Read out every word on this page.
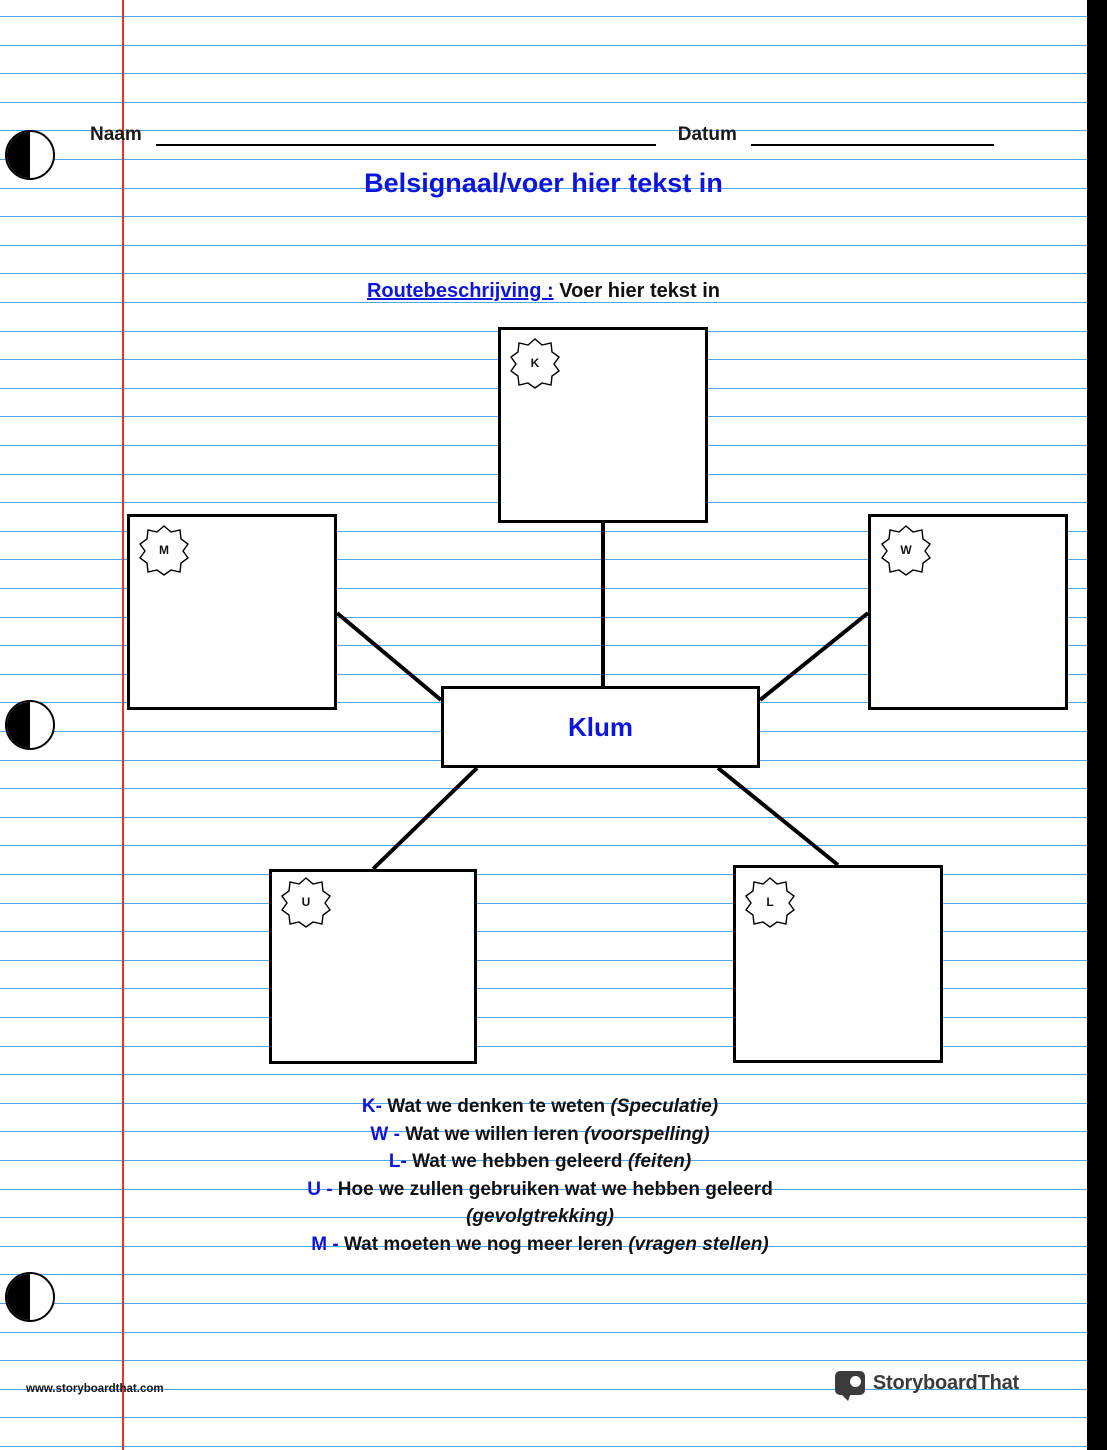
Naam	Datum
Belsignaal/voer hier tekst in
Routebeschrijving : Voer hier tekst in
Klum
K
M	W
U	L
K- Wat we denken te weten (Speculatie)
W - Wat we willen leren (voorspelling)
L- Wat we hebben geleerd (feiten)
U - Hoe we zullen gebruiken wat we hebben geleerd
(gevolgtrekking)
M - Wat moeten we nog meer leren (vragen stellen)
www.storyboardthat.com	StoryboardThat
